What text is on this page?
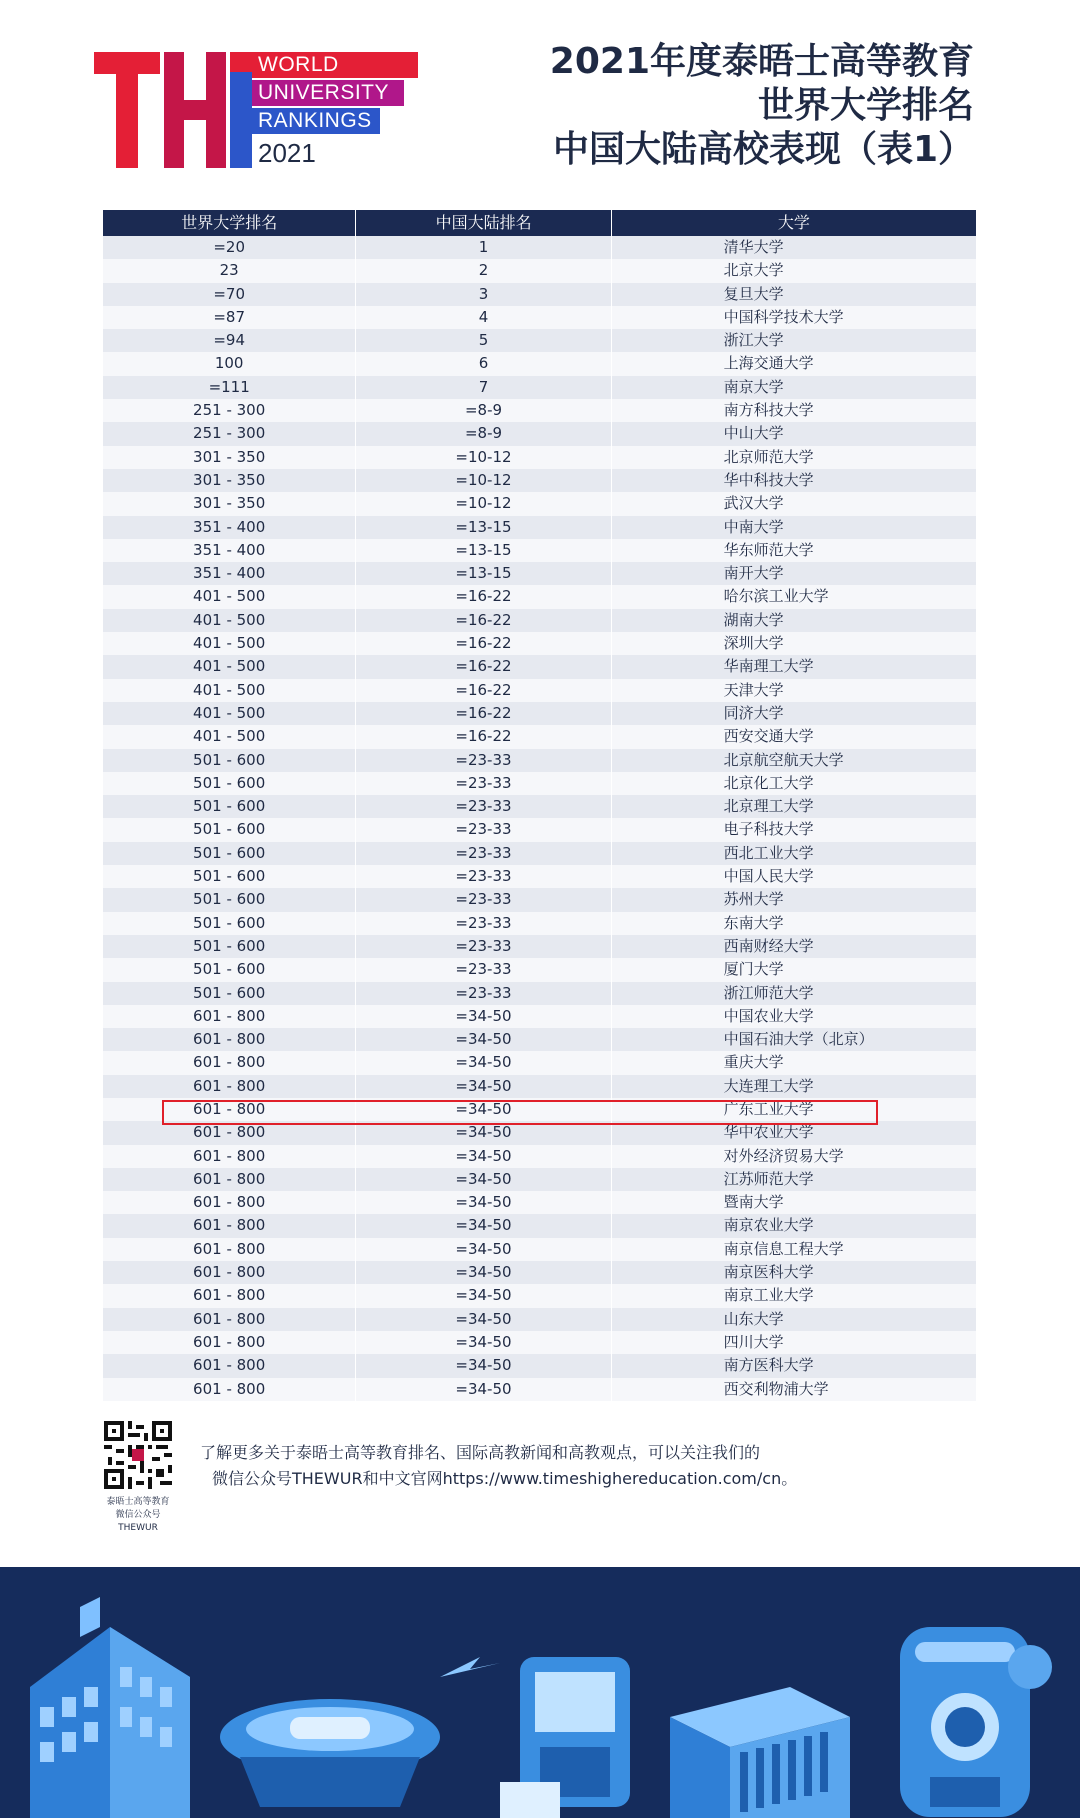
WORLD
UNIVERSITY
RANKINGS
2021
2021年度泰晤士高等教育
世界大学排名
中国大陆高校表现（表1）
世界大学排名	中国大陆排名	大学
=20	1	清华大学
23	2	北京大学
=70	3	复旦大学
=87	4	中国科学技术大学
=94	5	浙江大学
100	6	上海交通大学
=111	7	南京大学
251 - 300	=8-9	南方科技大学
251 - 300	=8-9	中山大学
301 - 350	=10-12	北京师范大学
301 - 350	=10-12	华中科技大学
301 - 350	=10-12	武汉大学
351 - 400	=13-15	中南大学
351 - 400	=13-15	华东师范大学
351 - 400	=13-15	南开大学
401 - 500	=16-22	哈尔滨工业大学
401 - 500	=16-22	湖南大学
401 - 500	=16-22	深圳大学
401 - 500	=16-22	华南理工大学
401 - 500	=16-22	天津大学
401 - 500	=16-22	同济大学
401 - 500	=16-22	西安交通大学
501 - 600	=23-33	北京航空航天大学
501 - 600	=23-33	北京化工大学
501 - 600	=23-33	北京理工大学
501 - 600	=23-33	电子科技大学
501 - 600	=23-33	西北工业大学
501 - 600	=23-33	中国人民大学
501 - 600	=23-33	苏州大学
501 - 600	=23-33	东南大学
501 - 600	=23-33	西南财经大学
501 - 600	=23-33	厦门大学
501 - 600	=23-33	浙江师范大学
601 - 800	=34-50	中国农业大学
601 - 800	=34-50	中国石油大学（北京）
601 - 800	=34-50	重庆大学
601 - 800	=34-50	大连理工大学
601 - 800	=34-50	广东工业大学
601 - 800	=34-50	华中农业大学
601 - 800	=34-50	对外经济贸易大学
601 - 800	=34-50	江苏师范大学
601 - 800	=34-50	暨南大学
601 - 800	=34-50	南京农业大学
601 - 800	=34-50	南京信息工程大学
601 - 800	=34-50	南京医科大学
601 - 800	=34-50	南京工业大学
601 - 800	=34-50	山东大学
601 - 800	=34-50	四川大学
601 - 800	=34-50	南方医科大学
601 - 800	=34-50	西交利物浦大学
泰晤士高等教育
微信公众号
THEWUR
了解更多关于泰晤士高等教育排名、国际高教新闻和高教观点，可以关注我们的
微信公众号THEWUR和中文官网https://www.timeshighereducation.com/cn。
